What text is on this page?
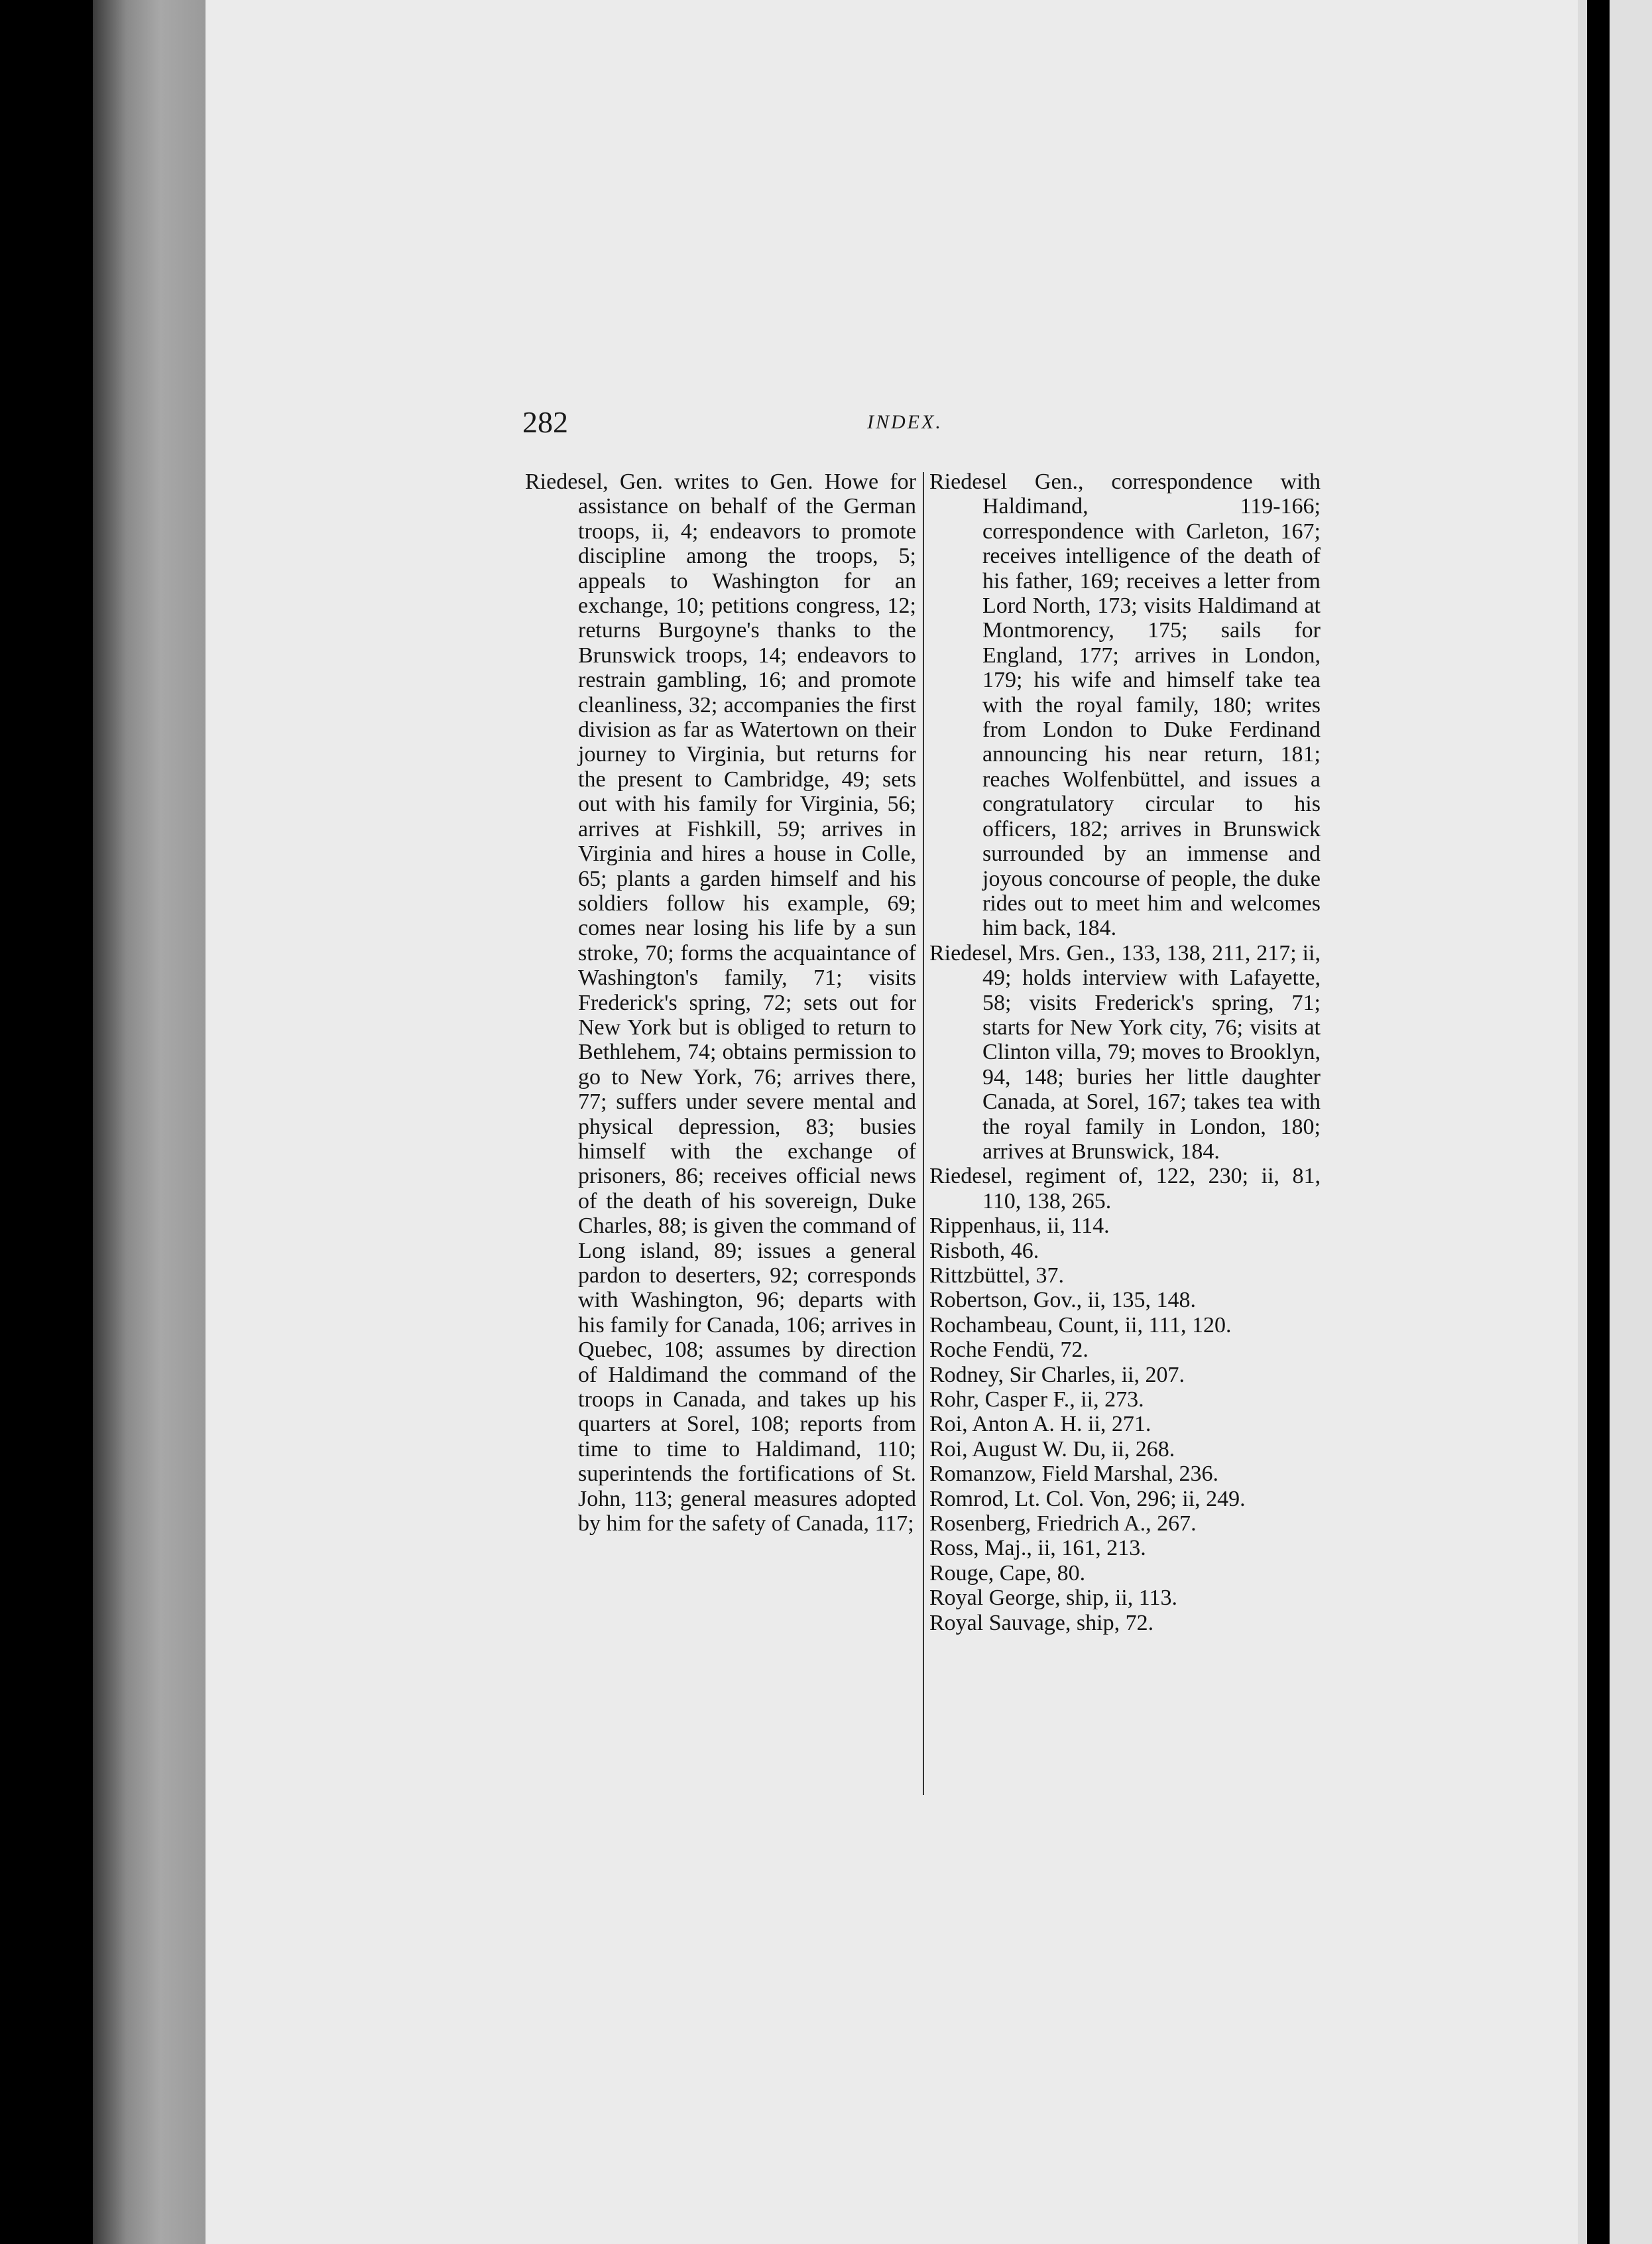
282	INDEX.

Riedesel, Gen. writes to Gen. Howe for assistance on behalf of the German troops, ii, 4; endeavors to promote discipline among the troops, 5; appeals to Washington for an exchange, 10; petitions congress, 12; returns Burgoyne's thanks to the Brunswick troops, 14; endeavors to restrain gambling, 16; and promote cleanliness, 32; accompanies the first division as far as Watertown on their journey to Virginia, but returns for the present to Cambridge, 49; sets out with his family for Virginia, 56; arrives at Fishkill, 59; arrives in Virginia and hires a house in Colle, 65; plants a garden himself and his soldiers follow his example, 69; comes near losing his life by a sun stroke, 70; forms the acquaintance of Washington's family, 71; visits Frederick's spring, 72; sets out for New York but is obliged to return to Bethlehem, 74; obtains permission to go to New York, 76; arrives there, 77; suffers under severe mental and physical depression, 83; busies himself with the exchange of prisoners, 86; receives official news of the death of his sovereign, Duke Charles, 88; is given the command of Long island, 89; issues a general pardon to deserters, 92; corresponds with Washington, 96; departs with his family for Canada, 106; arrives in Quebec, 108; assumes by direction of Haldimand the command of the troops in Canada, and takes up his quarters at Sorel, 108; reports from time to time to Haldimand, 110; superintends the fortifications of St. John, 113; general measures adopted by him for the safety of Canada, 117;

Riedesel Gen., correspondence with Haldimand, 119-166; correspondence with Carleton, 167; receives intelligence of the death of his father, 169; receives a letter from Lord North, 173; visits Haldimand at Montmorency, 175; sails for England, 177; arrives in London, 179; his wife and himself take tea with the royal family, 180; writes from London to Duke Ferdinand announcing his near return, 181; reaches Wolfenbüttel, and issues a congratulatory circular to his officers, 182; arrives in Brunswick surrounded by an immense and joyous concourse of people, the duke rides out to meet him and welcomes him back, 184.

Riedesel, Mrs. Gen., 133, 138, 211, 217; ii, 49; holds interview with Lafayette, 58; visits Frederick's spring, 71; starts for New York city, 76; visits at Clinton villa, 79; moves to Brooklyn, 94, 148; buries her little daughter Canada, at Sorel, 167; takes tea with the royal family in London, 180; arrives at Brunswick, 184.

Riedesel, regiment of, 122, 230; ii, 81, 110, 138, 265.

Rippenhaus, ii, 114.

Risboth, 46.

Rittzbüttel, 37.

Robertson, Gov., ii, 135, 148.

Rochambeau, Count, ii, 111, 120.

Roche Fendü, 72.

Rodney, Sir Charles, ii, 207.

Rohr, Casper F., ii, 273.

Roi, Anton A. H. ii, 271.

Roi, August W. Du, ii, 268.

Romanzow, Field Marshal, 236.

Romrod, Lt. Col. Von, 296; ii, 249.

Rosenberg, Friedrich A., 267.

Ross, Maj., ii, 161, 213.

Rouge, Cape, 80.

Royal George, ship, ii, 113.

Royal Sauvage, ship, 72.
